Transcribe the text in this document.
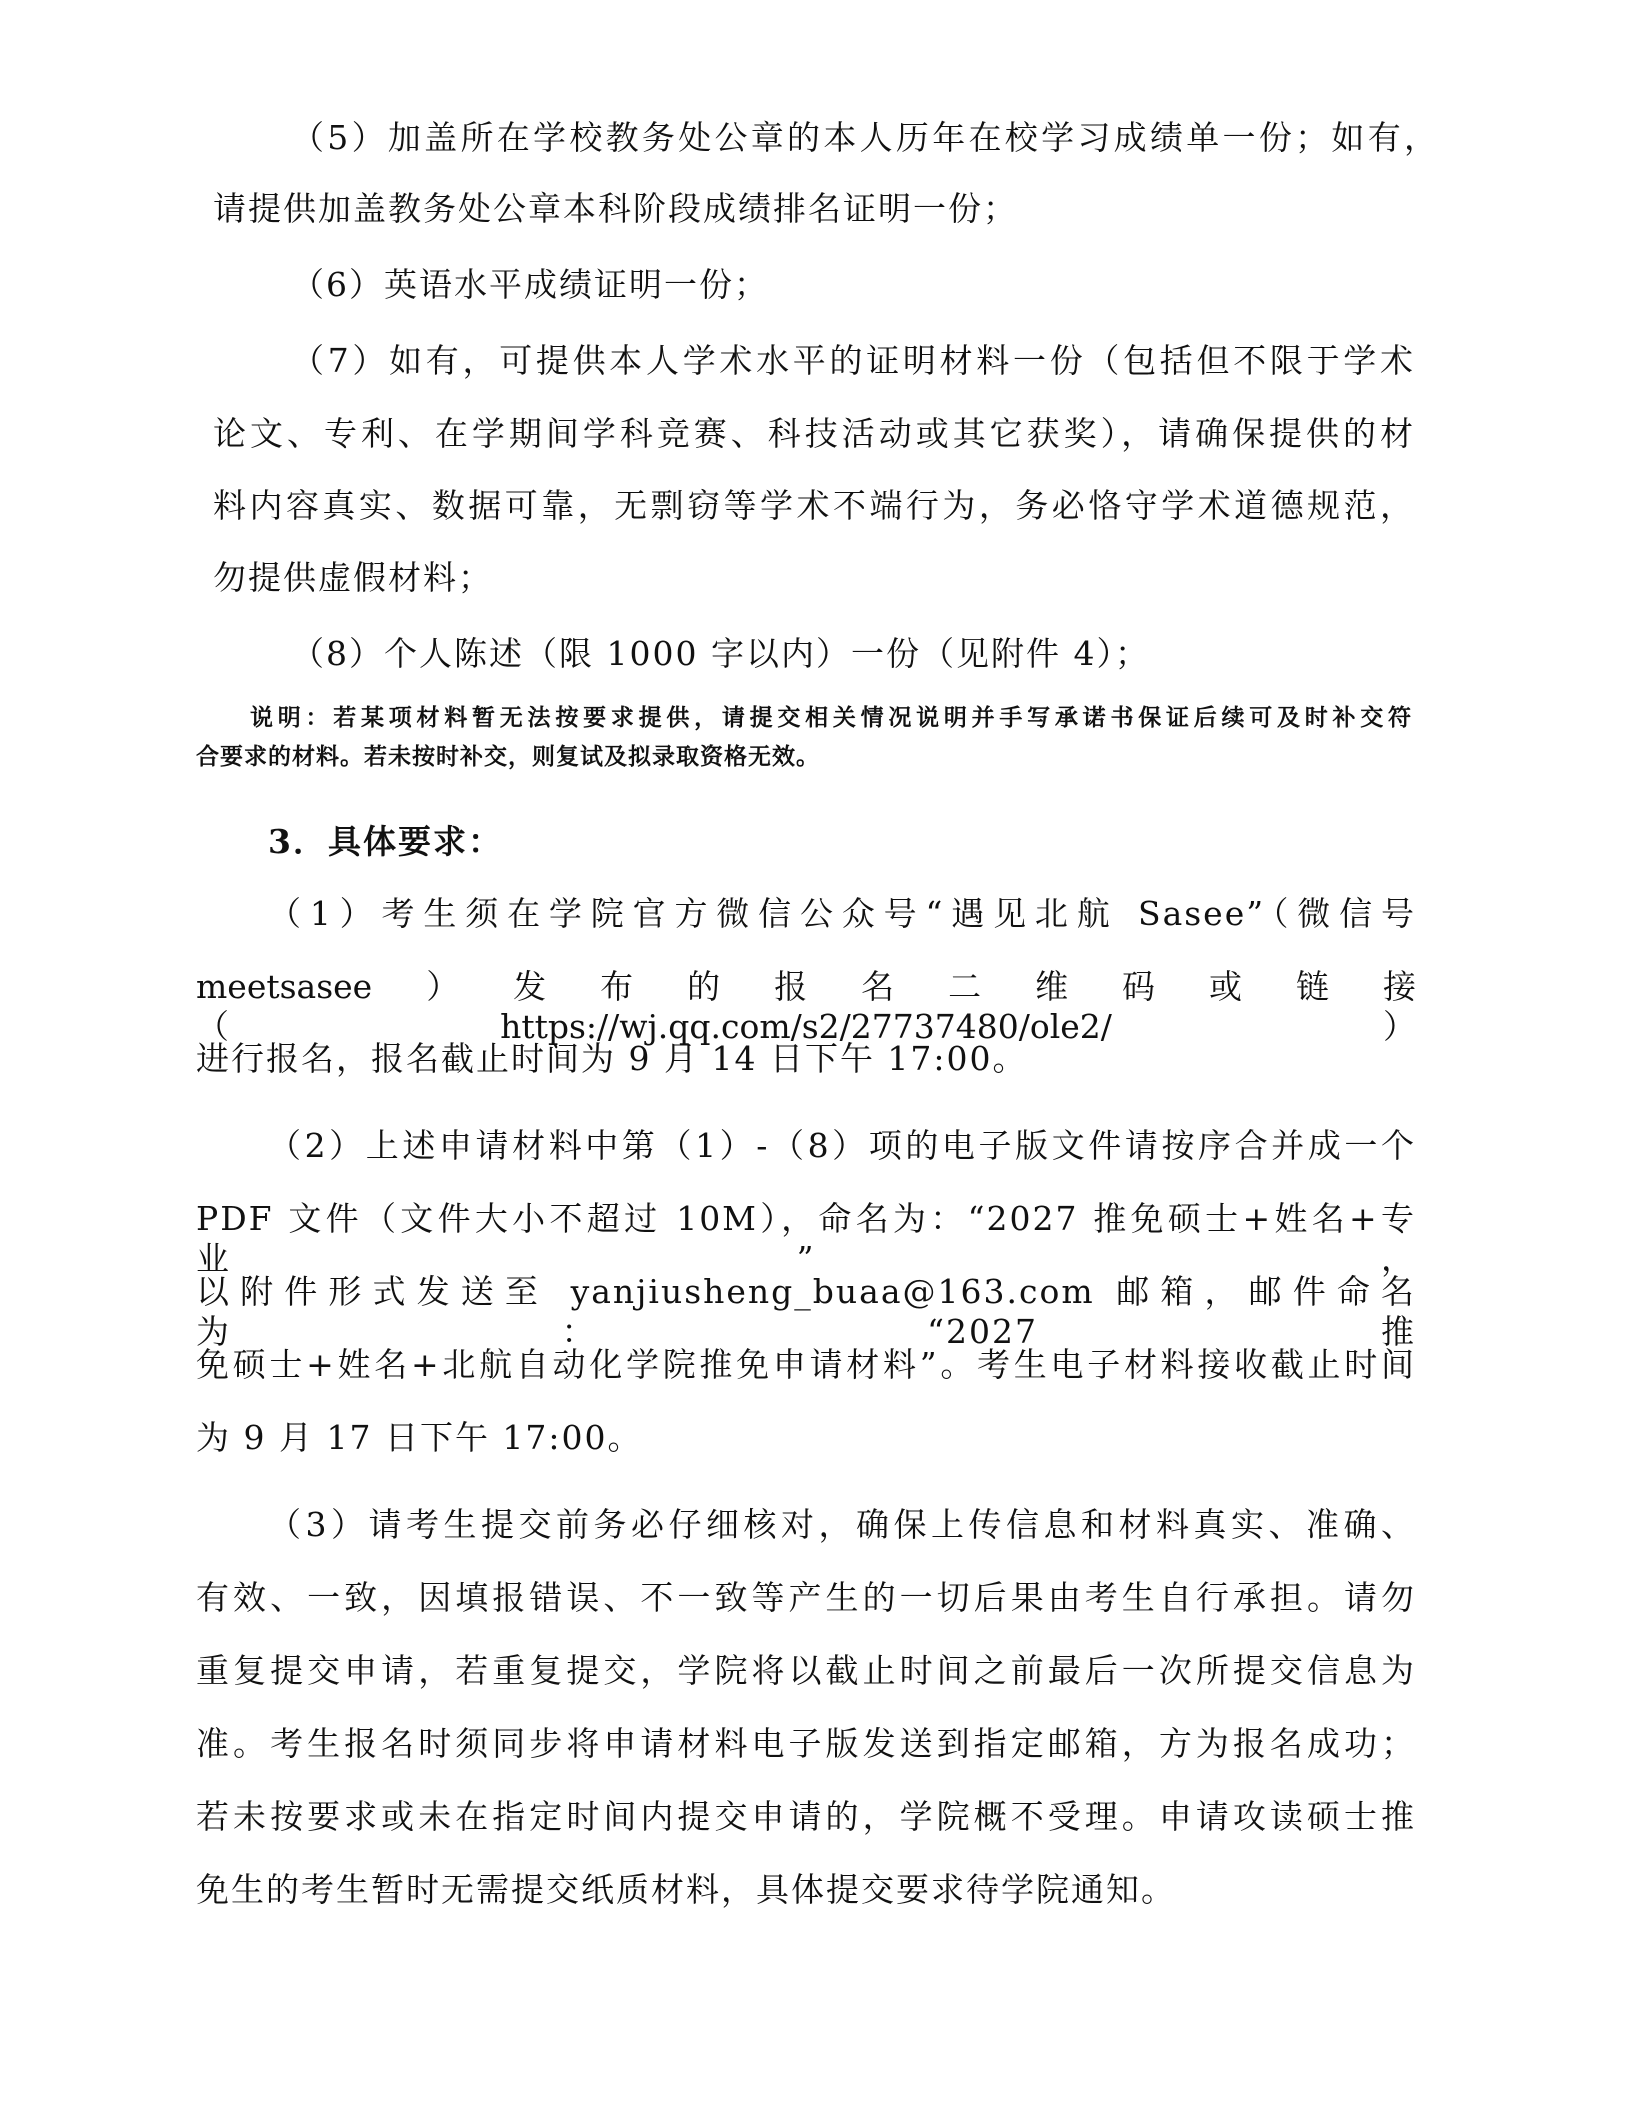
（5）加盖所在学校教务处公章的本人历年在校学习成绩单一份；如有，
请提供加盖教务处公章本科阶段成绩排名证明一份；
（6）英语水平成绩证明一份；
（7）如有，可提供本人学术水平的证明材料一份（包括但不限于学术
论文、专利、在学期间学科竞赛、科技活动或其它获奖），请确保提供的材
料内容真实、数据可靠，无剽窃等学术不端行为，务必恪守学术道德规范，
勿提供虚假材料；
（8）个人陈述（限 1000 字以内）一份（见附件 4）；
说明：若某项材料暂无法按要求提供，请提交相关情况说明并手写承诺书保证后续可及时补交符
合要求的材料。若未按时补交，则复试及拟录取资格无效。
3．具体要求：
（1）考生须在学院官方微信公众号“遇见北航 Sasee”（微信号
meetsasee）发布的报名二维码或链接（https://wj.qq.com/s2/27737480/ole2/）
进行报名，报名截止时间为 9 月 14 日下午 17:00。
（2）上述申请材料中第（1）-（8）项的电子版文件请按序合并成一个
PDF 文件（文件大小不超过 10M），命名为：“2027 推免硕士+姓名+专业”，
以附件形式发送至 yanjiusheng_buaa@163.com 邮箱，邮件命名为：“2027 推
免硕士+姓名+北航自动化学院推免申请材料”。考生电子材料接收截止时间
为 9 月 17 日下午 17:00。
（3）请考生提交前务必仔细核对，确保上传信息和材料真实、准确、
有效、一致，因填报错误、不一致等产生的一切后果由考生自行承担。请勿
重复提交申请，若重复提交，学院将以截止时间之前最后一次所提交信息为
准。考生报名时须同步将申请材料电子版发送到指定邮箱，方为报名成功；
若未按要求或未在指定时间内提交申请的，学院概不受理。申请攻读硕士推
免生的考生暂时无需提交纸质材料，具体提交要求待学院通知。
